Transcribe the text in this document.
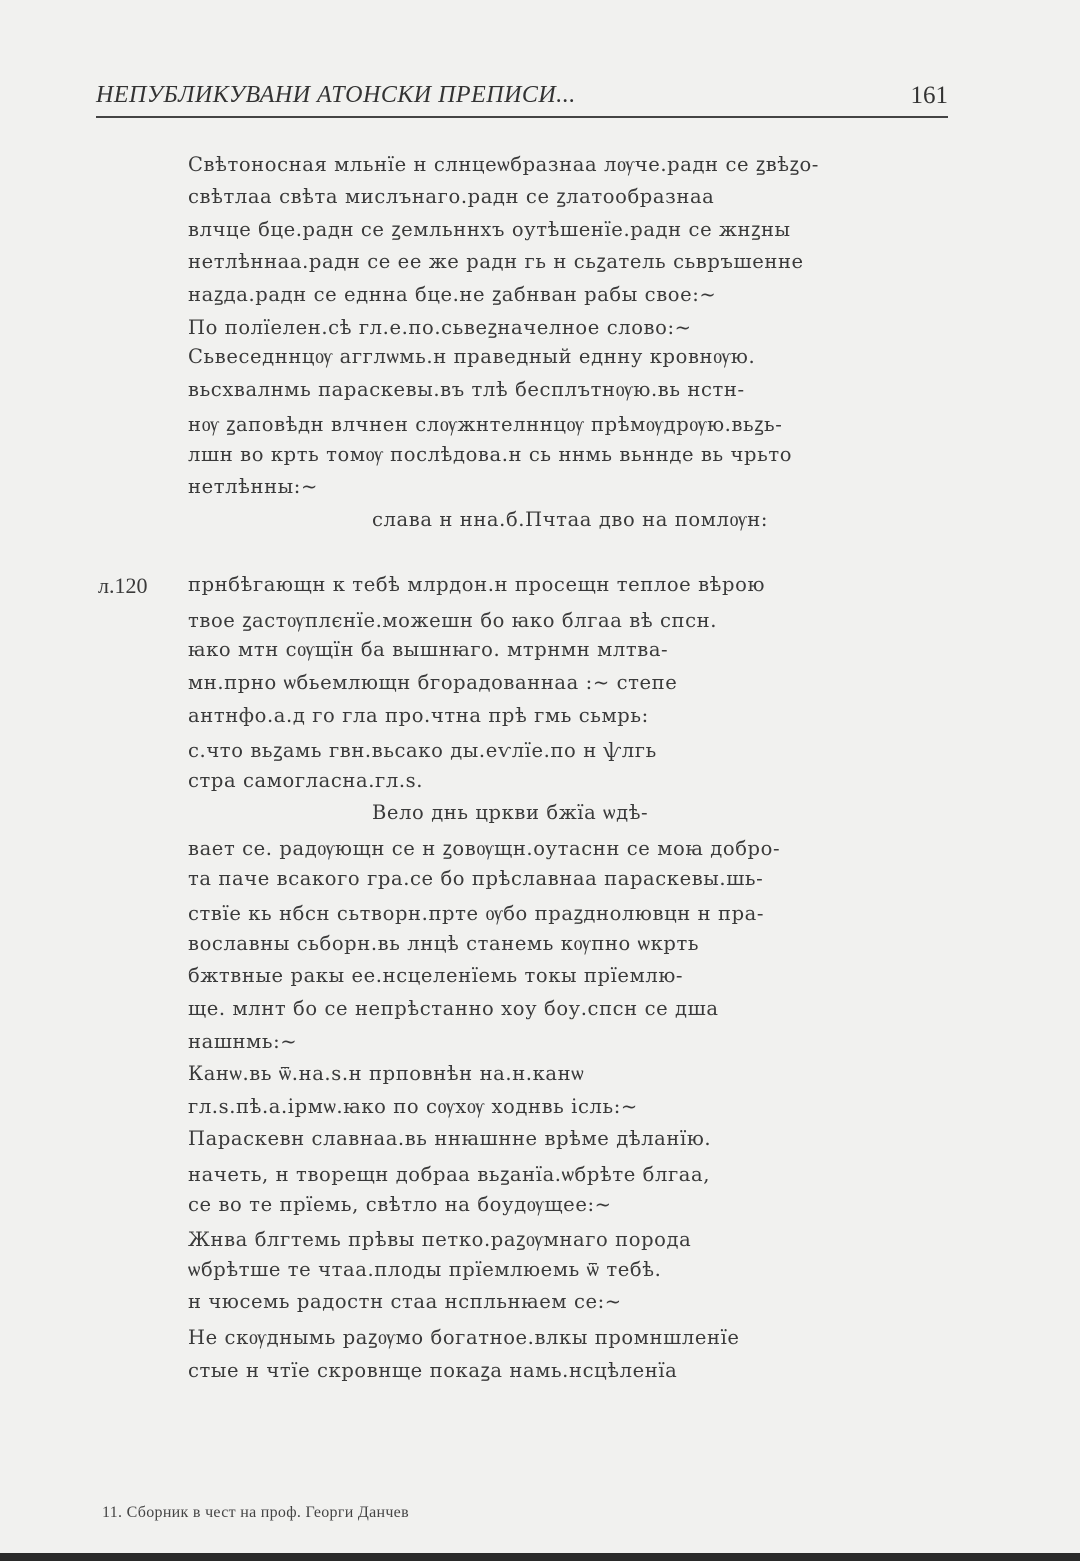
НЕПУБЛИКУВАНИ АТОНСКИ ПРЕПИСИ...	161
Свѣтоносная мльнїе н слнцеѡбразнаа лѹче.радн се ꙁвѣꙁо-
свѣтлаа свѣта мислънаго.радн се ꙁлатообразнаа
влчце бце.радн се ꙁемльннхъ оутѣшенїе.радн се жнꙁны
нетлѣннаа.радн се ее же радн гь н сьꙁатель сьвръшенне
наꙁда.радн се еднна бце.не ꙁабнван рабы свое:~
По полїелен.сѣ гл.е.по.сьвеꙁначелное слово:~
Сьвеседннцѹ агглѡмь.н праведный еднну кровнѹю.
вьсхвалнмь параскевы.въ тлѣ бесплътнѹю.вь нстн-
нѹ ꙁаповѣдн влчнен слѹжнтелннцѹ прѣмѹдрѹю.вьꙁь-
лшн во крть томѹ послѣдова.н сь ннмь вьнндe вь чрьто
нетлѣнны:~
слава н нна.б.Пчтаа дво на помлѹн:
л.120 прнбѣгающн к тебѣ млрдон.н просещн теплое вѣрою
твое ꙁастѹплєнїе.можешн бо ꙗко блгаа вѣ спсн.
ꙗко мтн сѹщїн ба вышнꙗго. мтрнмн млтва-
мн.прно ѡбьемлющн бгорадованнаа :~ степе
антнфо.а.д го гла про.чтна прѣ гмь сьмрь:
с.что вьꙁамь гвн.вьсако ды.еѵлїе.по н ѱлгь
стра самогласна.гл.ѕ.
Вело днь цркви бжїа ѡдѣ-
вает се. радѹющн се н ꙁовѹщн.оутаснн се моꙗ добро-
та паче всакого гра.се бо прѣславнаа параскевы.шь-
ствїе кь нбсн сьтворн.прте ѹбо праꙁднолювцн н пра-
вославны сьборн.вь лнцѣ станемь кѹпно ѡкрть
бжтвные ракы ее.нсцеленїемь токы прїемлю-
ще. млнт бо се непрѣстанно хоу боу.спсн се дша
нашнмь:~
Канѡ.вь ѿ.на.ѕ.н прповнѣн на.н.канѡ
гл.ѕ.пѣ.а.ірмѡ.ꙗко по сѹхѹ ходнвь ісль:~
Параскевн славнаа.вь ннꙗшнне врѣме дѣланїю.
начеть, н творещн добраа вьꙁанїа.ѡбрѣте блгаа,
се во те прїемь, свѣтло на боудѹщее:~
Жнва блгтемь прѣвы петко.раꙁѹмнаго порода
ѡбрѣтше те чтаа.плоды прїемлюемь ѿ тебѣ.
н чюсемь радостн стаа нспльнꙗем се:~
Не скѹднымь раꙁѹмо богатное.влкы промншленїе
стые н чтїе скровнще покаꙁа намь.нсцѣленїа
11. Сборник в чест на проф. Георги Данчев
